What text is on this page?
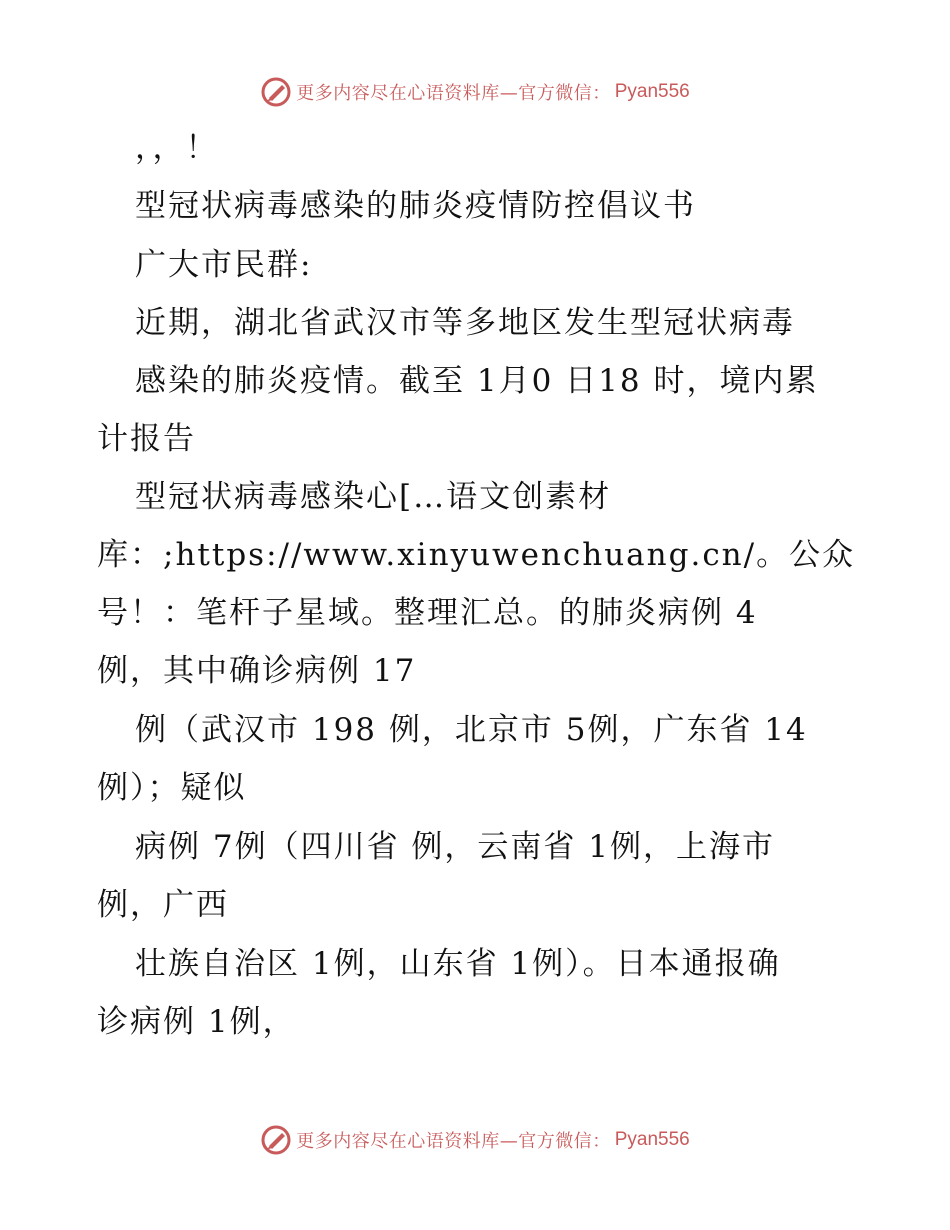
更多内容尽在心语资料库—官方微信： Pyan556
，，！
型冠状病毒感染的肺炎疫情防控倡议书
广大市民群:
近期，湖北省武汉市等多地区发生型冠状病毒
感染的肺炎疫情。截至 1月0 日18 时，境内累
计报告
型冠状病毒感染心[…语文创素材
库：;https://www.xinyuwenchuang.cn/。公众
号！：笔杆子星域。整理汇总。的肺炎病例 4
例，其中确诊病例 17
例（武汉市 198 例，北京市 5例，广东省 14
例）；疑似
病例 7例（四川省 例，云南省 1例，上海市
例，广西
壮族自治区 1例，山东省 1例）。日本通报确
诊病例 1例，
更多内容尽在心语资料库—官方微信： Pyan556
